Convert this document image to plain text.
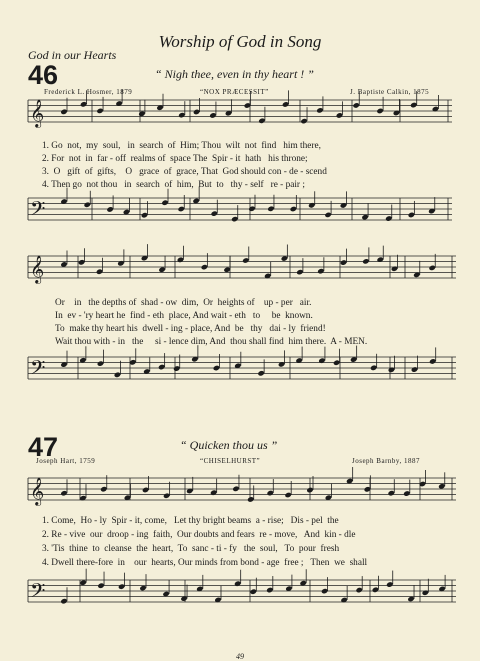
Worship of God in Song
God in our Hearts
46	“ Nigh thee, even in thy heart ! ”
Frederick L. Hosmer, 1879	“NOX PRÆCESSIT”	J. Baptiste Calkin, 1875
1. Go  not,  my  soul,   in  search  of  Him; Thou  wilt  not  find   him there,
2. For  not  in  far - off  realms of  space The  Spir - it  hath   his throne;
3.  O   gift  of  gifts,    O   grace  of  grace, That  God should con - de - scend
4. Then go  not thou   in  search  of  him,  But  to   thy - self   re - pair ;
Or    in   the depths of  shad - ow  dim,  Or  heights of    up - per   air.
In  ev - 'ry heart he  find - eth  place, And wait - eth   to     be  known.
To  make thy heart his  dwell - ing - place, And  be   thy   dai - ly  friend!
Wait thou with - in   the     si - lence dim, And  thou shall find  him there.  A - MEN.
47	“ Quicken thou us ”
Joseph Hart, 1759	“CHISELHURST”	Joseph Barnby, 1887
1. Come,  Ho - ly  Spir - it, come,   Let thy bright beams  a - rise;   Dis - pel  the
2. Re - vive  our  droop - ing  faith,  Our doubts and fears  re - move,   And  kin - dle
3. 'Tis  thine  to  cleanse  the  heart,  To  sanc - ti - fy   the  soul,   To  pour  fresh
4. Dwell there-fore  in    our  hearts, Our minds from bond - age  free ;   Then  we  shall
𝄞
𝄢
𝄞
𝄢
𝄞
𝄢
49
